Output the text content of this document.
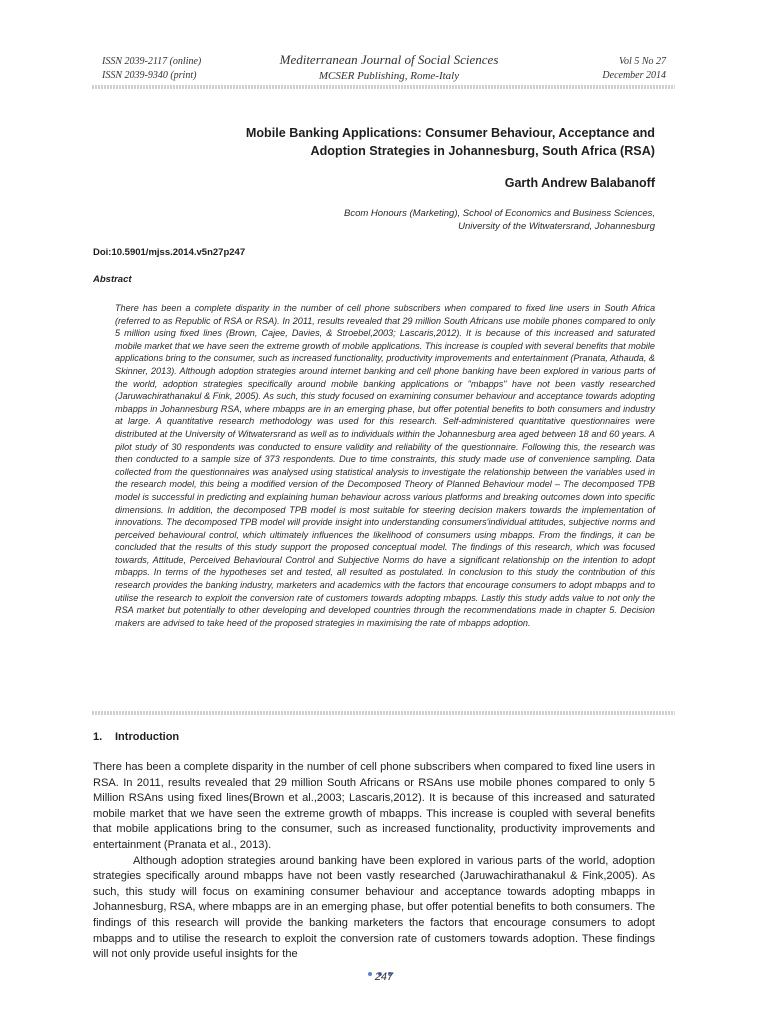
ISSN 2039-2117 (online)
ISSN 2039-9340 (print)
Mediterranean Journal of Social Sciences
MCSER Publishing, Rome-Italy
Vol 5 No 27
December 2014
Mobile Banking Applications: Consumer Behaviour, Acceptance and
Adoption Strategies in Johannesburg, South Africa (RSA)
Garth Andrew Balabanoff
Bcom Honours (Marketing), School of Economics and Business Sciences,
University of the Witwatersrand, Johannesburg
Doi:10.5901/mjss.2014.v5n27p247
Abstract

There has been a complete disparity in the number of cell phone subscribers when compared to fixed line users in South Africa (referred to as Republic of RSA or RSA). In 2011, results revealed that 29 million South Africans use mobile phones compared to only 5 million using fixed lines (Brown, Cajee, Davies, & Stroebel,2003; Lascaris,2012). It is because of this increased and saturated mobile market that we have seen the extreme growth of mobile applications. This increase is coupled with several benefits that mobile applications bring to the consumer, such as increased functionality, productivity improvements and entertainment (Pranata, Athauda, & Skinner, 2013). Although adoption strategies around internet banking and cell phone banking have been explored in various parts of the world, adoption strategies specifically around mobile banking applications or "mbapps" have not been vastly researched (Jaruwachirathanakul & Fink, 2005). As such, this study focused on examining consumer behaviour and acceptance towards adopting mbapps in Johannesburg RSA, where mbapps are in an emerging phase, but offer potential benefits to both consumers and industry at large. A quantitative research methodology was used for this research. Self-administered quantitative questionnaires were distributed at the University of Witwatersrand as well as to individuals within the Johannesburg area aged between 18 and 60 years. A pilot study of 30 respondents was conducted to ensure validity and reliability of the questionnaire. Following this, the research was then conducted to a sample size of 373 respondents. Due to time constraints, this study made use of convenience sampling. Data collected from the questionnaires was analysed using statistical analysis to investigate the relationship between the variables used in the research model, this being a modified version of the Decomposed Theory of Planned Behaviour model – The decomposed TPB model is successful in predicting and explaining human behaviour across various platforms and breaking outcomes down into specific dimensions. In addition, the decomposed TPB model is most suitable for steering decision makers towards the implementation of innovations. The decomposed TPB model will provide insight into understanding consumers'individual attitudes, subjective norms and perceived behavioural control, which ultimately influences the likelihood of consumers using mbapps. From the findings, it can be concluded that the results of this study support the proposed conceptual model. The findings of this research, which was focused towards, Attitude, Perceived Behavioural Control and Subjective Norms do have a significant relationship on the intention to adopt mbapps. In terms of the hypotheses set and tested, all resulted as postulated. In conclusion to this study the contribution of this research provides the banking industry, marketers and academics with the factors that encourage consumers to adopt mbapps and to utilise the research to exploit the conversion rate of customers towards adopting mbapps. Lastly this study adds value to not only the RSA market but potentially to other developing and developed countries through the recommendations made in chapter 5. Decision makers are advised to take heed of the proposed strategies in maximising the rate of mbapps adoption.

1. Introduction

There has been a complete disparity in the number of cell phone subscribers when compared to fixed line users in RSA. In 2011, results revealed that 29 million South Africans or RSAns use mobile phones compared to only 5 Million RSAns using fixed lines(Brown et al.,2003; Lascaris,2012). It is because of this increased and saturated mobile market that we have seen the extreme growth of mbapps. This increase is coupled with several benefits that mobile applications bring to the consumer, such as increased functionality, productivity improvements and entertainment (Pranata et al., 2013).

Although adoption strategies around banking have been explored in various parts of the world, adoption strategies specifically around mbapps have not been vastly researched (Jaruwachirathanakul & Fink,2005). As such, this study will focus on examining consumer behaviour and acceptance towards adopting mbapps in Johannesburg, RSA, where mbapps are in an emerging phase, but offer potential benefits to both consumers. The findings of this research will provide the banking marketers the factors that encourage consumers to adopt mbapps and to utilise the research to exploit the conversion rate of customers towards adoption. These findings will not only provide useful insights for the

247
